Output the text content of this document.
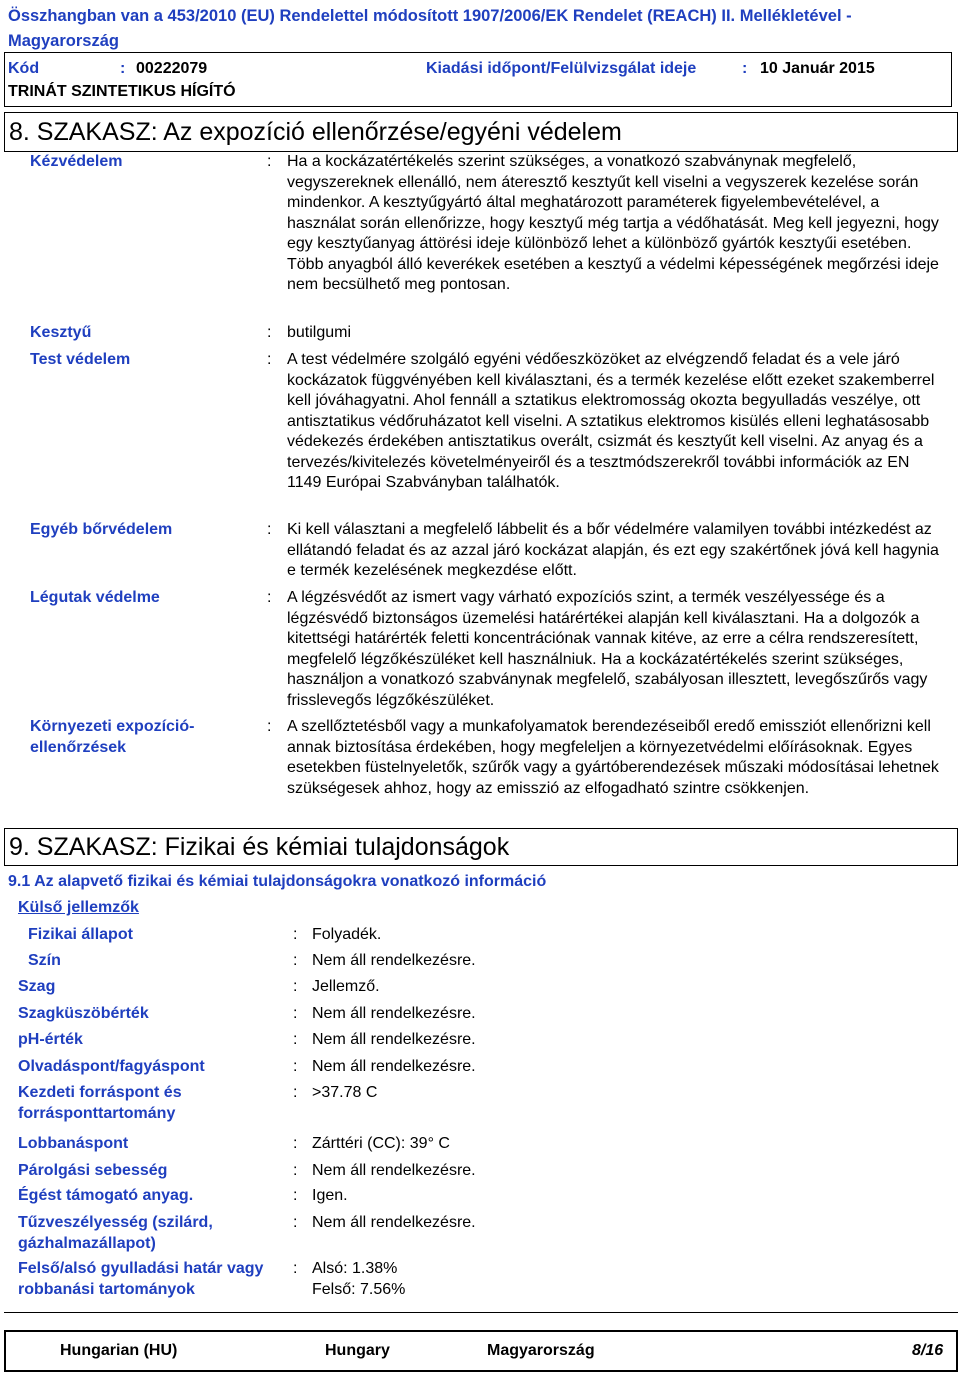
Összhangban van a 453/2010 (EU) Rendelettel módosított 1907/2006/EK Rendelet (REACH) II. Mellékletével - Magyarország
Kód	: 00222079	Kiadási időpont/Felülvizsgálat ideje	: 10 Január 2015
TRINÁT SZINTETIKUS HÍGÍTÓ
8. SZAKASZ: Az expozíció ellenőrzése/egyéni védelem
Kézvédelem	: Ha a kockázatértékelés szerint szükséges, a vonatkozó szabványnak megfelelő, vegyszereknek ellenálló, nem áteresztő kesztyűt kell viselni a vegyszerek kezelése során mindenkor. A kesztyűgyártó által meghatározott paraméterek figyelembevételével, a használat során ellenőrizze, hogy kesztyű még tartja a védőhatását. Meg kell jegyezni, hogy egy kesztyűanyag áttörési ideje különböző lehet a különböző gyártók kesztyűi esetében. Több anyagból álló keverékek esetében a kesztyű a védelmi képességének megőrzési ideje nem becsülhető meg pontosan.
Kesztyű	: butilgumi
Test védelem	: A test védelmére szolgáló egyéni védőeszközöket az elvégzendő feladat és a vele járó kockázatok függvényében kell kiválasztani, és a termék kezelése előtt ezeket szakemberrel kell jóváhagyatni. Ahol fennáll a sztatikus elektromosság okozta begyulladás veszélye, ott antisztatikus védőruházatot kell viselni. A sztatikus elektromos kisülés elleni leghatásosabb védekezés érdekében antisztatikus overált, csizmát és kesztyűt kell viselni. Az anyag és a tervezés/kivitelezés követelményeiről és a tesztmódszerekről további információk az EN 1149 Európai Szabványban találhatók.
Egyéb bőrvédelem	: Ki kell választani a megfelelő lábbelit és a bőr védelmére valamilyen további intézkedést az ellátandó feladat és az azzal járó kockázat alapján, és ezt egy szakértőnek jóvá kell hagynia e termék kezelésének megkezdése előtt.
Légutak védelme	: A légzésvédőt az ismert vagy várható expozíciós szint, a termék veszélyessége és a légzésvédő biztonságos üzemelési határértékei alapján kell kiválasztani. Ha a dolgozók a kitettségi határérték feletti koncentrációnak vannak kitéve, az erre a célra rendszeresített, megfelelő légzőkészüléket kell használniuk. Ha a kockázatértékelés szerint szükséges, használjon a vonatkozó szabványnak megfelelő, szabályosan illesztett, levegőszűrős vagy frisslevegős légzőkészüléket.
Környezeti expozíció-ellenőrzések
: A szellőztetésből vagy a munkafolyamatok berendezéseiből eredő emissziót ellenőrizni kell annak biztosítása érdekében, hogy megfeleljen a környezetvédelmi előírásoknak. Egyes esetekben füstelnyeletők, szűrők vagy a gyártóberendezések műszaki módosításai lehetnek szükségesek ahhoz, hogy az emisszió az elfogadható szintre csökkenjen.
9. SZAKASZ: Fizikai és kémiai tulajdonságok
9.1 Az alapvető fizikai és kémiai tulajdonságokra vonatkozó információ
Külső jellemzők
Fizikai állapot	: Folyadék.
Szín	: Nem áll rendelkezésre.
Szag	: Jellemző.
Szagküszöbérték	: Nem áll rendelkezésre.
pH-érték	: Nem áll rendelkezésre.
Olvadáspont/fagyáspont	: Nem áll rendelkezésre.
Kezdeti forráspont és forrásponttartomány
: >37.78 C
Lobbanáspont	: Zárttéri (CC): 39° C
Párolgási sebesség	: Nem áll rendelkezésre.
Égést támogató anyag.	: Igen.
Tűzveszélyesség (szilárd, gázhalmazállapot)
: Nem áll rendelkezésre.
Felső/alsó gyulladási határ vagy robbanási tartományok
: Alsó: 1.38%
Felső: 7.56%
Hungarian (HU)	Hungary	Magyarország	8/16
